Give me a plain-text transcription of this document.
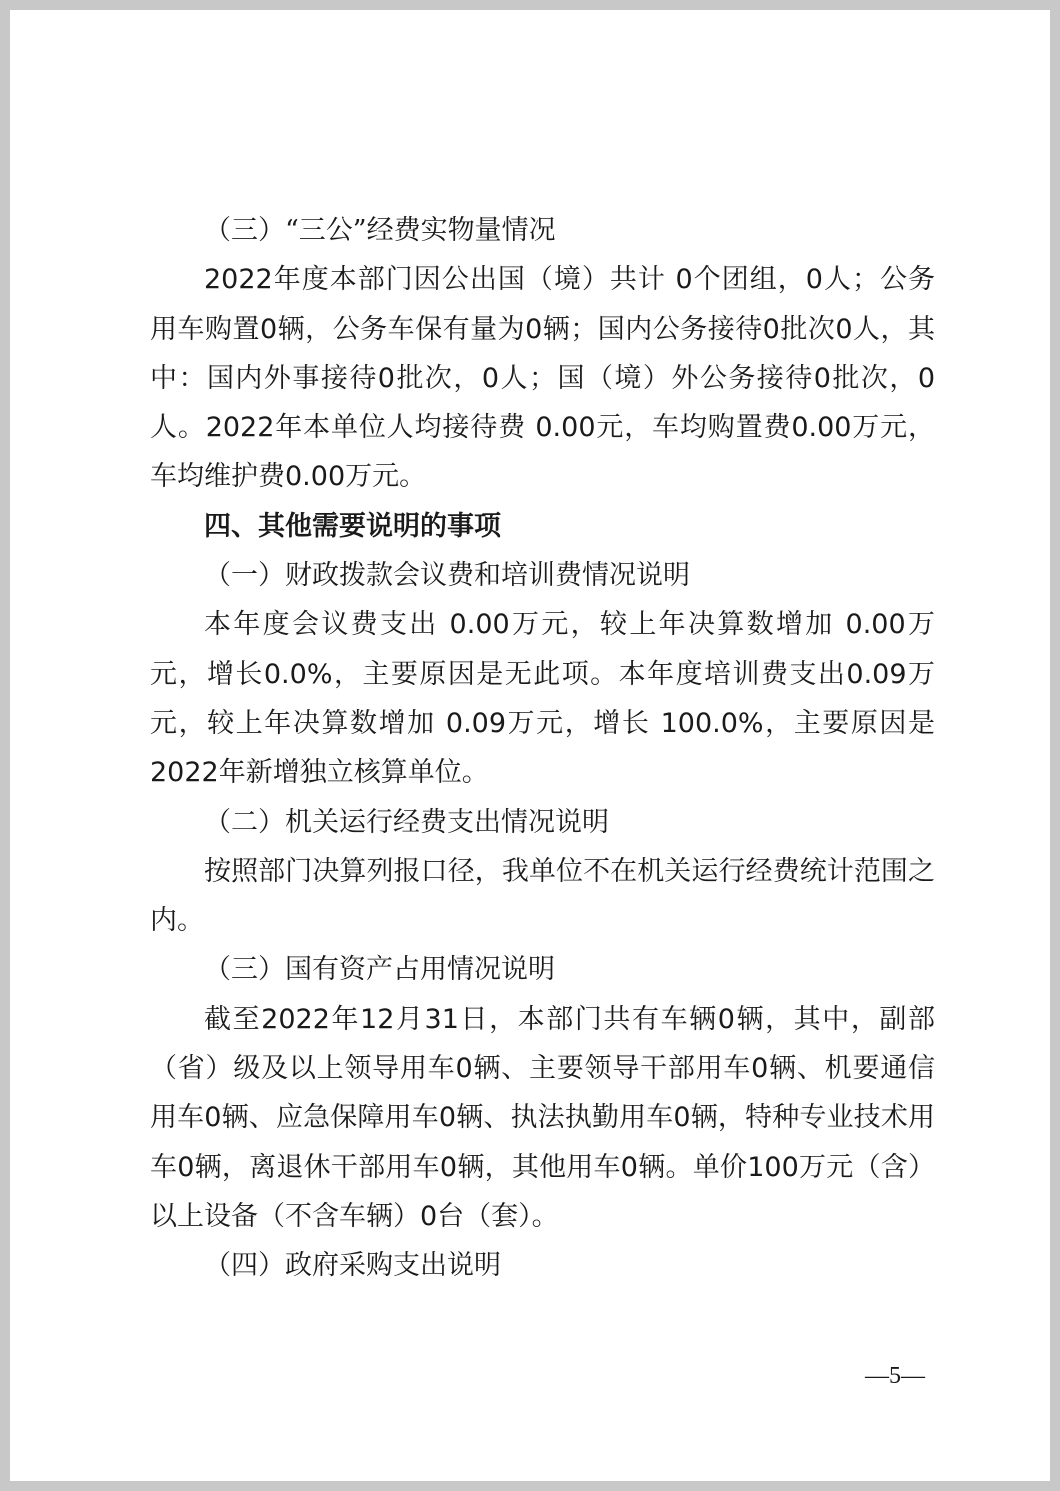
（三）“三公”经费实物量情况

2022年度本部门因公出国（境）共计 0个团组，0人；公务用车购置0辆，公务车保有量为0辆；国内公务接待0批次0人，其中：国内外事接待0批次，0人；国（境）外公务接待0批次，0人。2022年本单位人均接待费 0.00元，车均购置费0.00万元，车均维护费0.00万元。

四、其他需要说明的事项

（一）财政拨款会议费和培训费情况说明

本年度会议费支出 0.00万元，较上年决算数增加 0.00万元，增长0.0%，主要原因是无此项。本年度培训费支出0.09万元，较上年决算数增加 0.09万元，增长 100.0%，主要原因是2022年新增独立核算单位。

（二）机关运行经费支出情况说明

按照部门决算列报口径，我单位不在机关运行经费统计范围之内。

（三）国有资产占用情况说明

截至2022年12月31日，本部门共有车辆0辆，其中，副部（省）级及以上领导用车0辆、主要领导干部用车0辆、机要通信用车0辆、应急保障用车0辆、执法执勤用车0辆，特种专业技术用车0辆，离退休干部用车0辆，其他用车0辆。单价100万元（含）以上设备（不含车辆）0台（套）。

（四）政府采购支出说明

—5—
